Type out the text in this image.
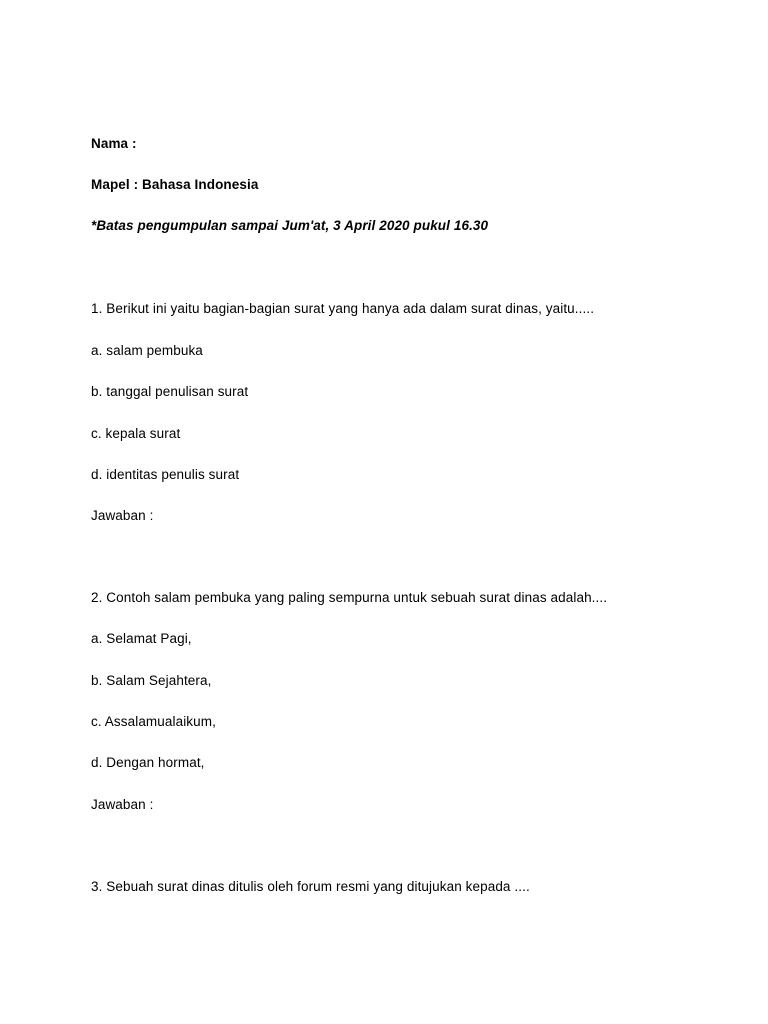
Nama :
Mapel : Bahasa Indonesia
*Batas pengumpulan sampai Jum'at, 3 April 2020 pukul 16.30
1. Berikut ini yaitu bagian-bagian surat yang hanya ada dalam surat dinas, yaitu.....
a. salam pembuka
b. tanggal penulisan surat
c. kepala surat
d. identitas penulis surat
Jawaban :
2. Contoh salam pembuka yang paling sempurna untuk sebuah surat dinas adalah....
a. Selamat Pagi,
b. Salam Sejahtera,
c. Assalamualaikum,
d. Dengan hormat,
Jawaban :
3. Sebuah surat dinas ditulis oleh forum resmi yang ditujukan kepada ....
